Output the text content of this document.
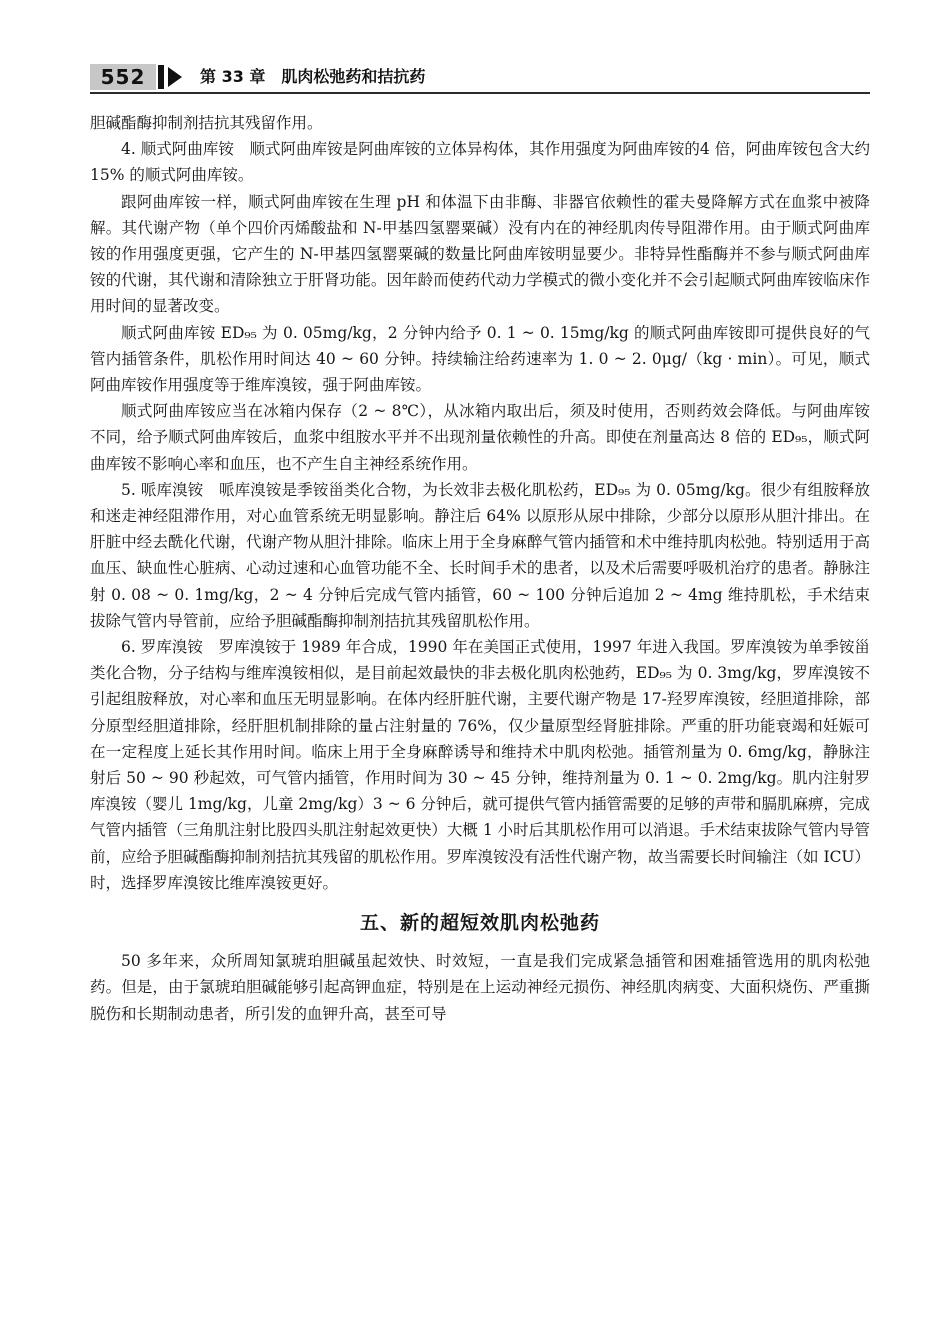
552	第 33 章　肌肉松弛药和拮抗药

胆碱酯酶抑制剂拮抗其残留作用。

4. 顺式阿曲库铵　顺式阿曲库铵是阿曲库铵的立体异构体，其作用强度为阿曲库铵的4 倍，阿曲库铵包含大约 15% 的顺式阿曲库铵。

跟阿曲库铵一样，顺式阿曲库铵在生理 pH 和体温下由非酶、非器官依赖性的霍夫曼降解方式在血浆中被降解。其代谢产物（单个四价丙烯酸盐和 N-甲基四氢罂粟碱）没有内在的神经肌肉传导阻滞作用。由于顺式阿曲库铵的作用强度更强，它产生的 N-甲基四氢罂粟碱的数量比阿曲库铵明显要少。非特异性酯酶并不参与顺式阿曲库铵的代谢，其代谢和清除独立于肝肾功能。因年龄而使药代动力学模式的微小变化并不会引起顺式阿曲库铵临床作用时间的显著改变。

顺式阿曲库铵 ED₉₅ 为 0. 05mg/kg，2 分钟内给予 0. 1 ~ 0. 15mg/kg 的顺式阿曲库铵即可提供良好的气管内插管条件，肌松作用时间达 40 ~ 60 分钟。持续输注给药速率为 1. 0 ~ 2. 0μg/（kg · min）。可见，顺式阿曲库铵作用强度等于维库溴铵，强于阿曲库铵。

顺式阿曲库铵应当在冰箱内保存（2 ~ 8℃），从冰箱内取出后，须及时使用，否则药效会降低。与阿曲库铵不同，给予顺式阿曲库铵后，血浆中组胺水平并不出现剂量依赖性的升高。即使在剂量高达 8 倍的 ED₉₅，顺式阿曲库铵不影响心率和血压，也不产生自主神经系统作用。

5. 哌库溴铵　哌库溴铵是季铵甾类化合物，为长效非去极化肌松药，ED₉₅ 为 0. 05mg/kg。很少有组胺释放和迷走神经阻滞作用，对心血管系统无明显影响。静注后 64% 以原形从尿中排除，少部分以原形从胆汁排出。在肝脏中经去酰化代谢，代谢产物从胆汁排除。临床上用于全身麻醉气管内插管和术中维持肌肉松弛。特别适用于高血压、缺血性心脏病、心动过速和心血管功能不全、长时间手术的患者，以及术后需要呼吸机治疗的患者。静脉注射 0. 08 ~ 0. 1mg/kg，2 ~ 4 分钟后完成气管内插管，60 ~ 100 分钟后追加 2 ~ 4mg 维持肌松，手术结束拔除气管内导管前，应给予胆碱酯酶抑制剂拮抗其残留肌松作用。

6. 罗库溴铵　罗库溴铵于 1989 年合成，1990 年在美国正式使用，1997 年进入我国。罗库溴铵为单季铵甾类化合物，分子结构与维库溴铵相似，是目前起效最快的非去极化肌肉松弛药，ED₉₅ 为 0. 3mg/kg，罗库溴铵不引起组胺释放，对心率和血压无明显影响。在体内经肝脏代谢，主要代谢产物是 17-羟罗库溴铵，经胆道排除，部分原型经胆道排除，经肝胆机制排除的量占注射量的 76%，仅少量原型经肾脏排除。严重的肝功能衰竭和妊娠可在一定程度上延长其作用时间。临床上用于全身麻醉诱导和维持术中肌肉松弛。插管剂量为 0. 6mg/kg，静脉注射后 50 ~ 90 秒起效，可气管内插管，作用时间为 30 ~ 45 分钟，维持剂量为 0. 1 ~ 0. 2mg/kg。肌内注射罗库溴铵（婴儿 1mg/kg，儿童 2mg/kg）3 ~ 6 分钟后，就可提供气管内插管需要的足够的声带和膈肌麻痹，完成气管内插管（三角肌注射比股四头肌注射起效更快）大概 1 小时后其肌松作用可以消退。手术结束拔除气管内导管前，应给予胆碱酯酶抑制剂拮抗其残留的肌松作用。罗库溴铵没有活性代谢产物，故当需要长时间输注（如 ICU）时，选择罗库溴铵比维库溴铵更好。

五、新的超短效肌肉松弛药

50 多年来，众所周知氯琥珀胆碱虽起效快、时效短，一直是我们完成紧急插管和困难插管选用的肌肉松弛药。但是，由于氯琥珀胆碱能够引起高钾血症，特别是在上运动神经元损伤、神经肌肉病变、大面积烧伤、严重撕脱伤和长期制动患者，所引发的血钾升高，甚至可导
